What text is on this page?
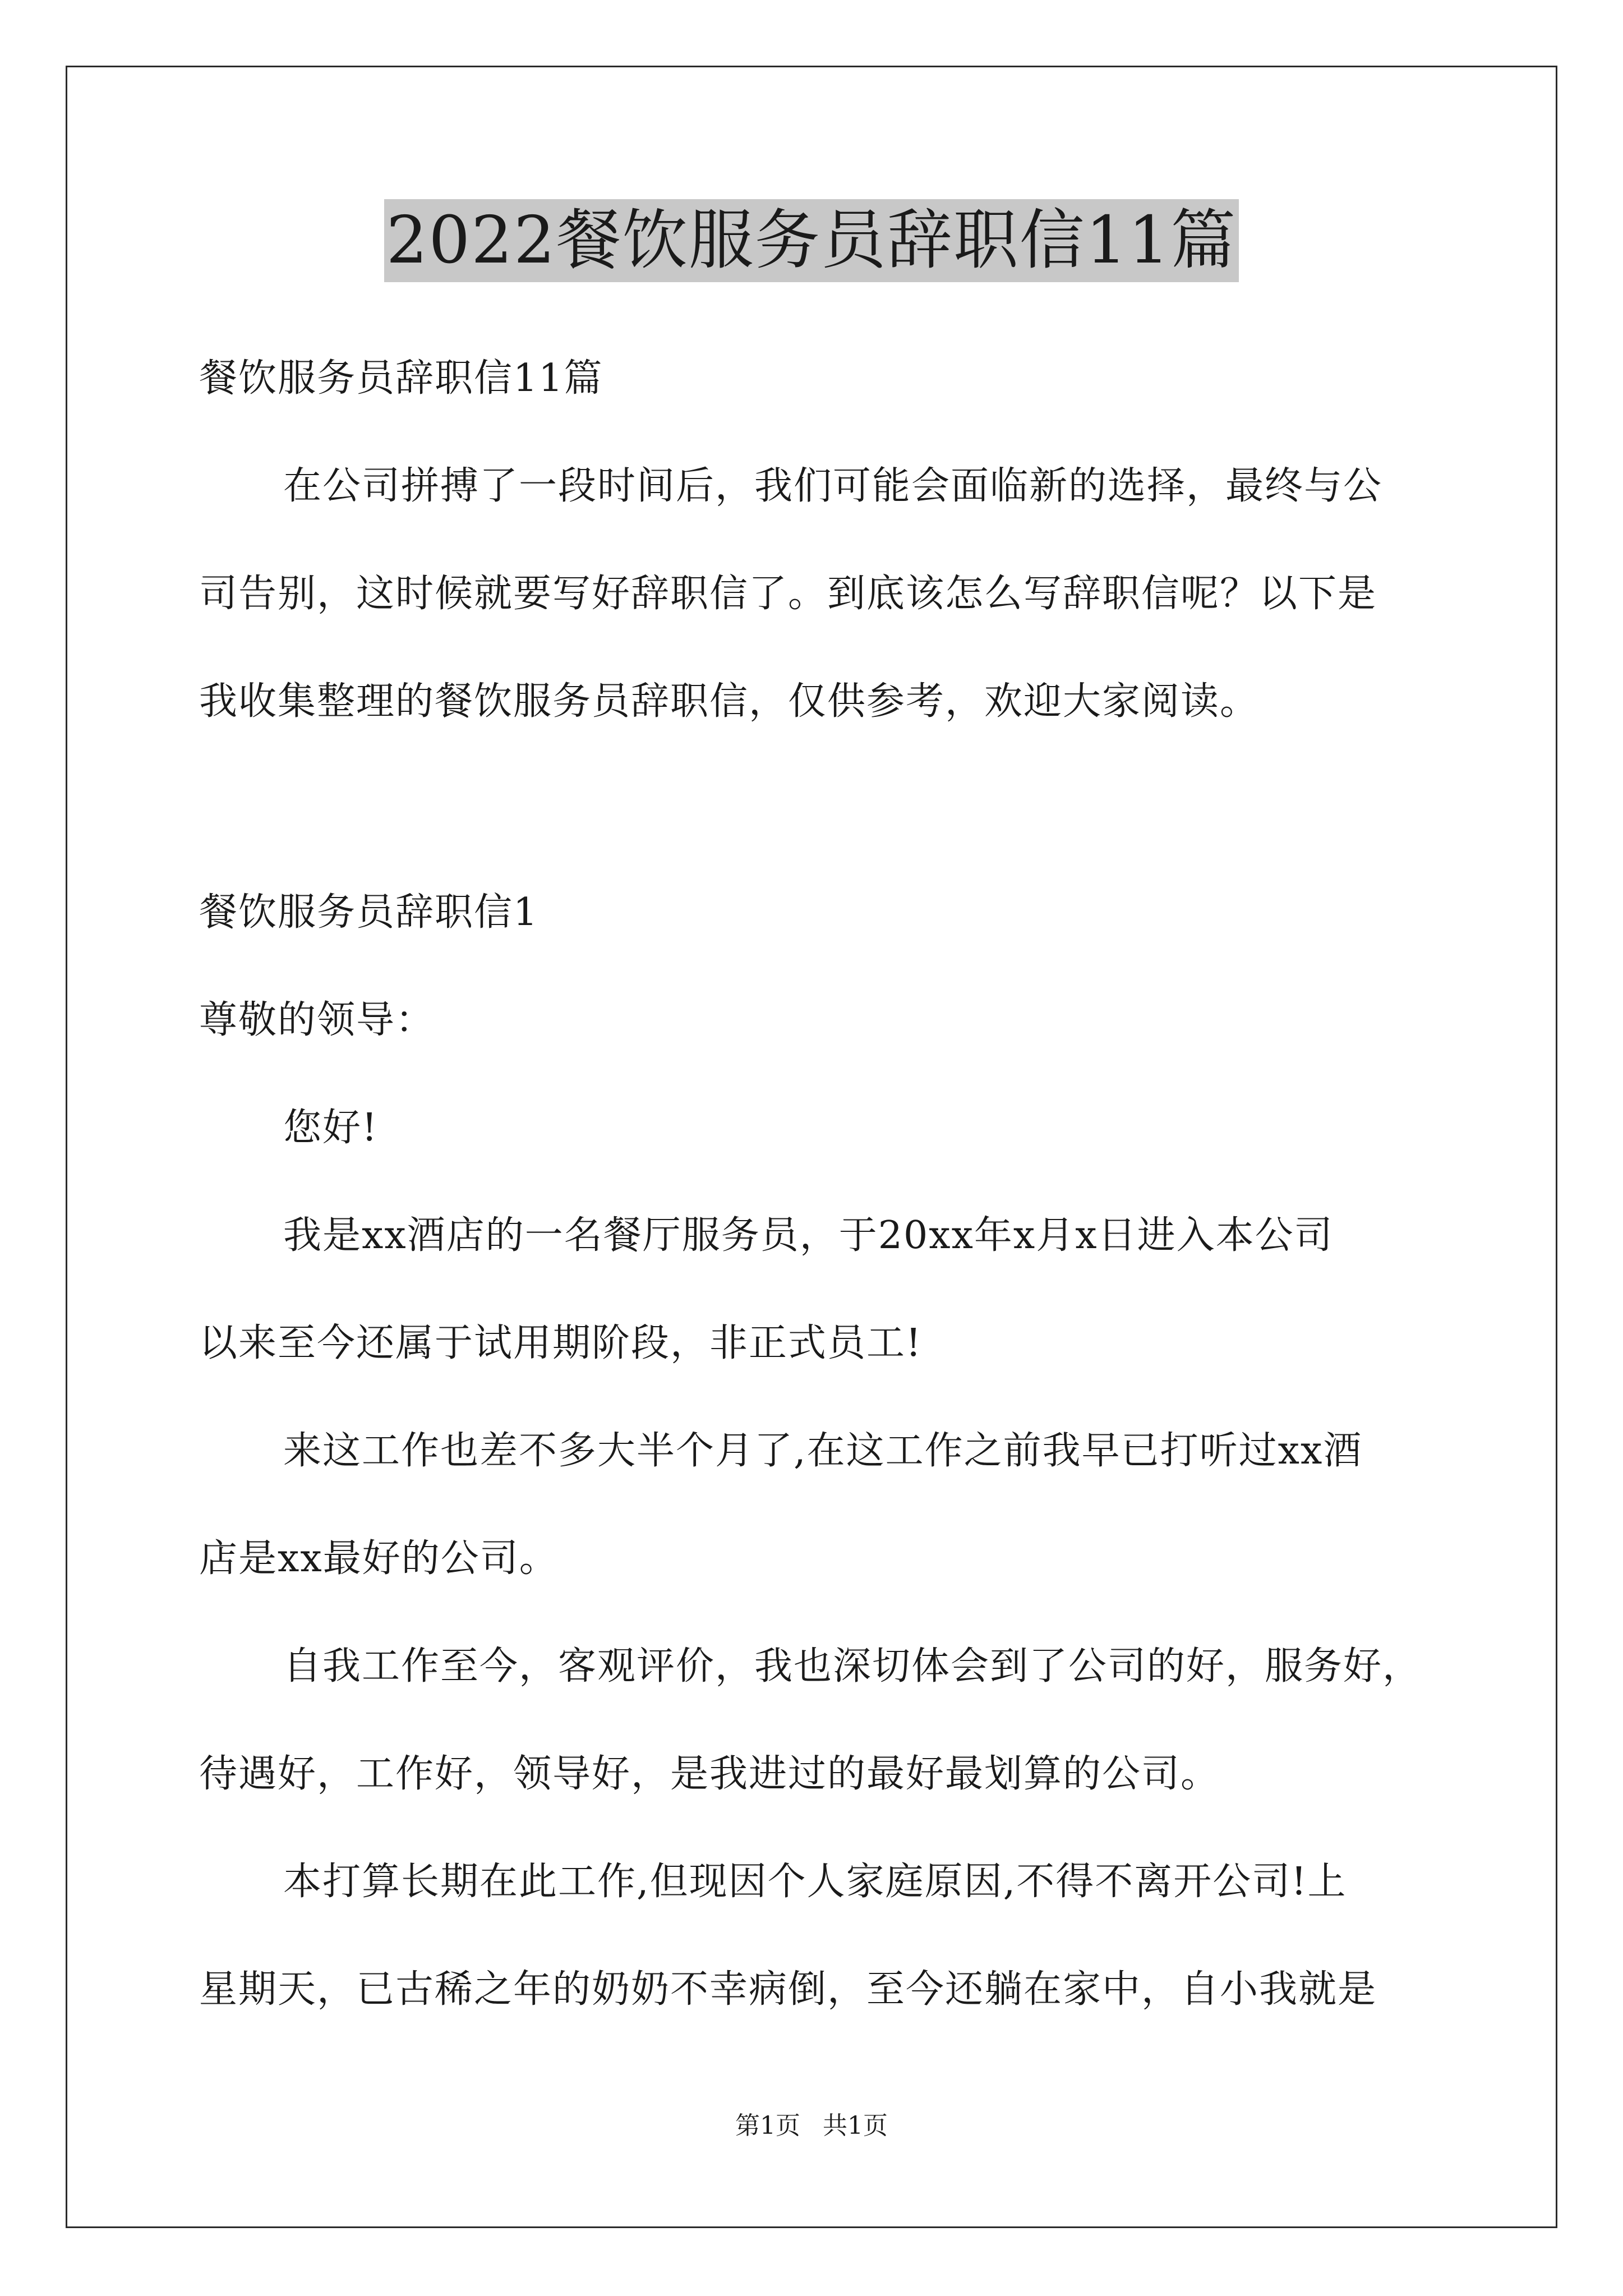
2022餐饮服务员辞职信11篇
餐饮服务员辞职信11篇
在公司拼搏了一段时间后，我们可能会面临新的选择，最终与公
司告别，这时候就要写好辞职信了。到底该怎么写辞职信呢？以下是
我收集整理的餐饮服务员辞职信，仅供参考，欢迎大家阅读。
餐饮服务员辞职信1
尊敬的领导：
您好!
我是xx酒店的一名餐厅服务员，于20xx年x月x日进入本公司
以来至今还属于试用期阶段，非正式员工!
来这工作也差不多大半个月了,在这工作之前我早已打听过xx酒
店是xx最好的公司。
自我工作至今，客观评价，我也深切体会到了公司的好，服务好，
待遇好，工作好，领导好，是我进过的最好最划算的公司。
本打算长期在此工作,但现因个人家庭原因,不得不离开公司!上
星期天，已古稀之年的奶奶不幸病倒，至今还躺在家中，自小我就是
第1页 共1页
